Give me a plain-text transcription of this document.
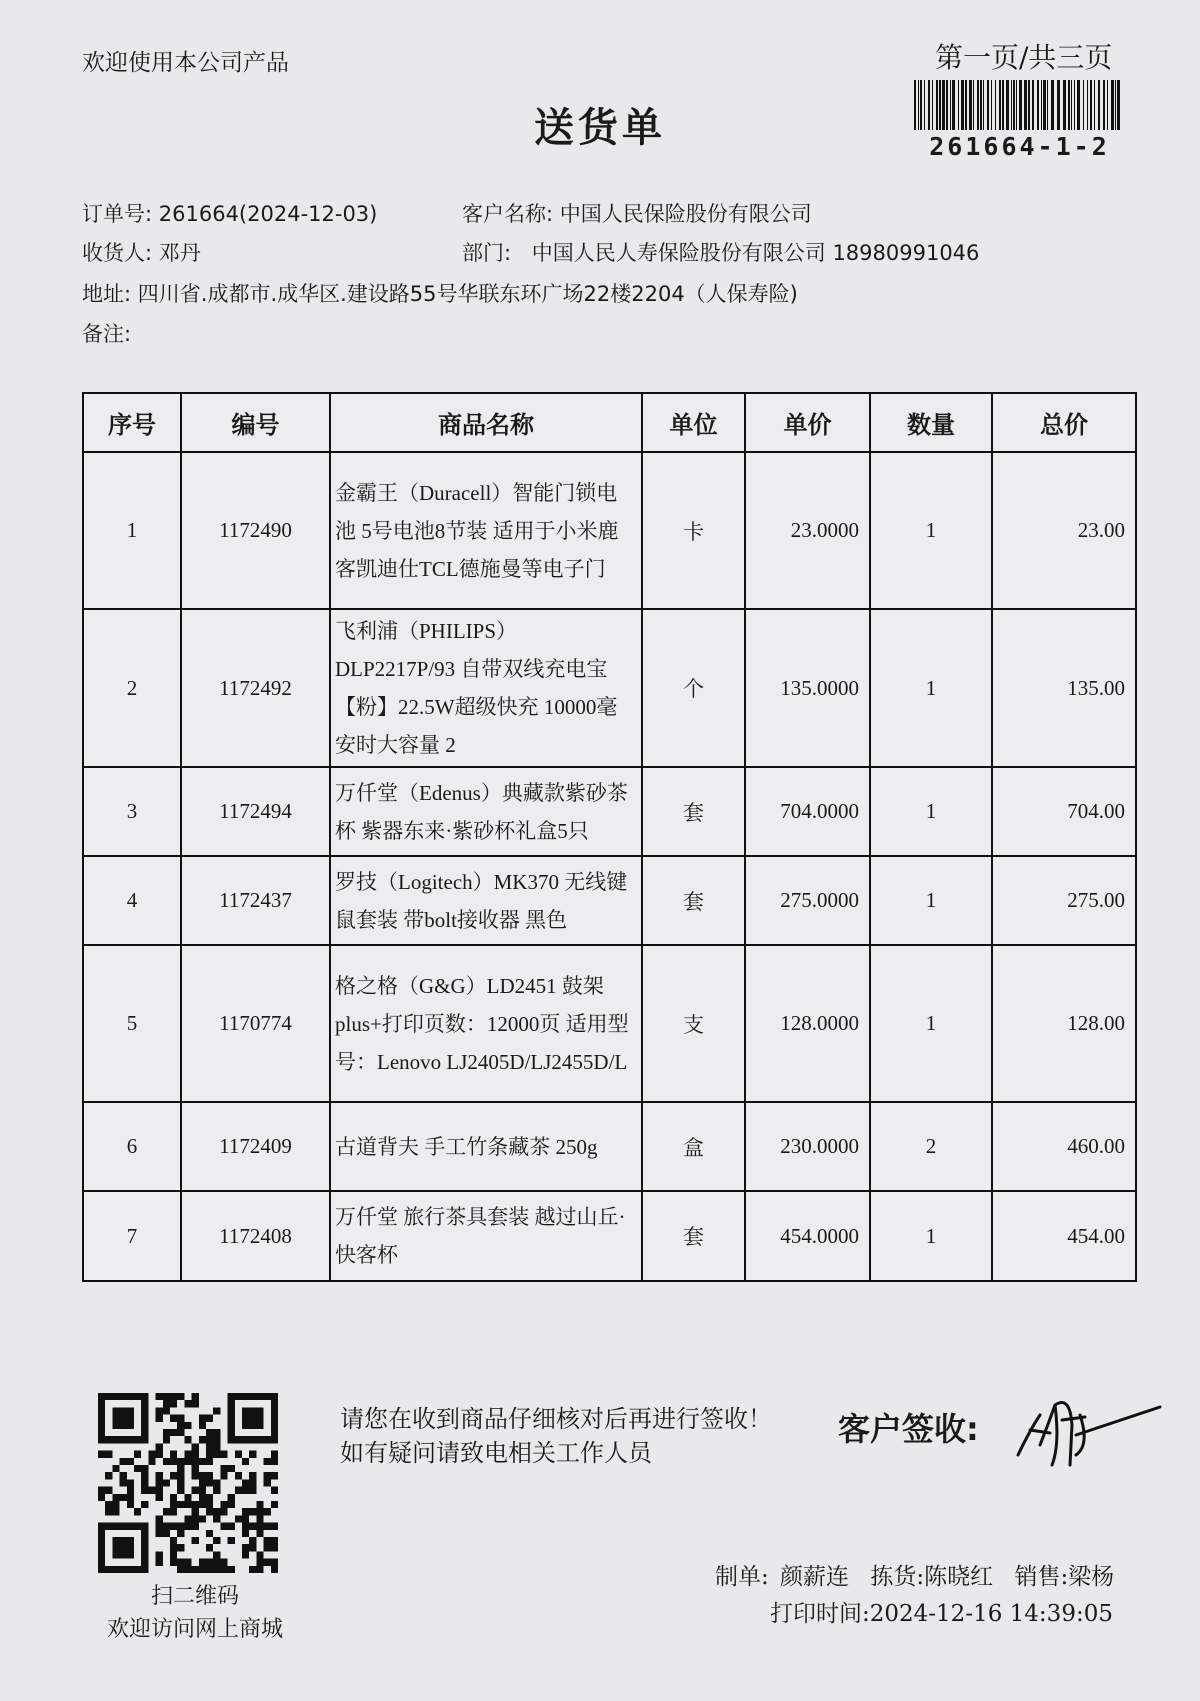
欢迎使用本公司产品	第一页/共三页
261664-1-2
送货单
订单号: 261664(2024-12-03)	客户名称: 中国人民保险股份有限公司
收货人: 邓丹	部门: 中国人民人寿保险股份有限公司 18980991046
地址: 四川省.成都市.成华区.建设路55号华联东环广场22楼2204（人保寿险)
备注:
序号	编号	商品名称	单位	单价	数量	总价
1	1172490	金霸王（Duracell）智能门锁电池 5号电池8节装 适用于小米鹿客凯迪仕TCL德施曼等电子门	卡	23.0000	1	23.00
2	1172492	飞利浦（PHILIPS）DLP2217P/93 自带双线充电宝【粉】22.5W超级快充 10000毫安时大容量 2	个	135.0000	1	135.00
3	1172494	万仟堂（Edenus）典藏款紫砂茶杯 紫器东来·紫砂杯礼盒5只	套	704.0000	1	704.00
4	1172437	罗技（Logitech）MK370 无线键鼠套装 带bolt接收器 黑色	套	275.0000	1	275.00
5	1170774	格之格（G&G）LD2451 鼓架plus+打印页数：12000页 适用型号：Lenovo LJ2405D/LJ2455D/L	支	128.0000	1	128.00
6	1172409	古道背夫 手工竹条藏茶 250g	盒	230.0000	2	460.00
7	1172408	万仟堂 旅行茶具套装 越过山丘·快客杯	套	454.0000	1	454.00
扫二维码
欢迎访问网上商城
请您在收到商品仔细核对后再进行签收！如有疑问请致电相关工作人员
客户签收:
制单: 颜薪连 拣货:陈晓红 销售:梁杨
打印时间:2024-12-16 14:39:05
